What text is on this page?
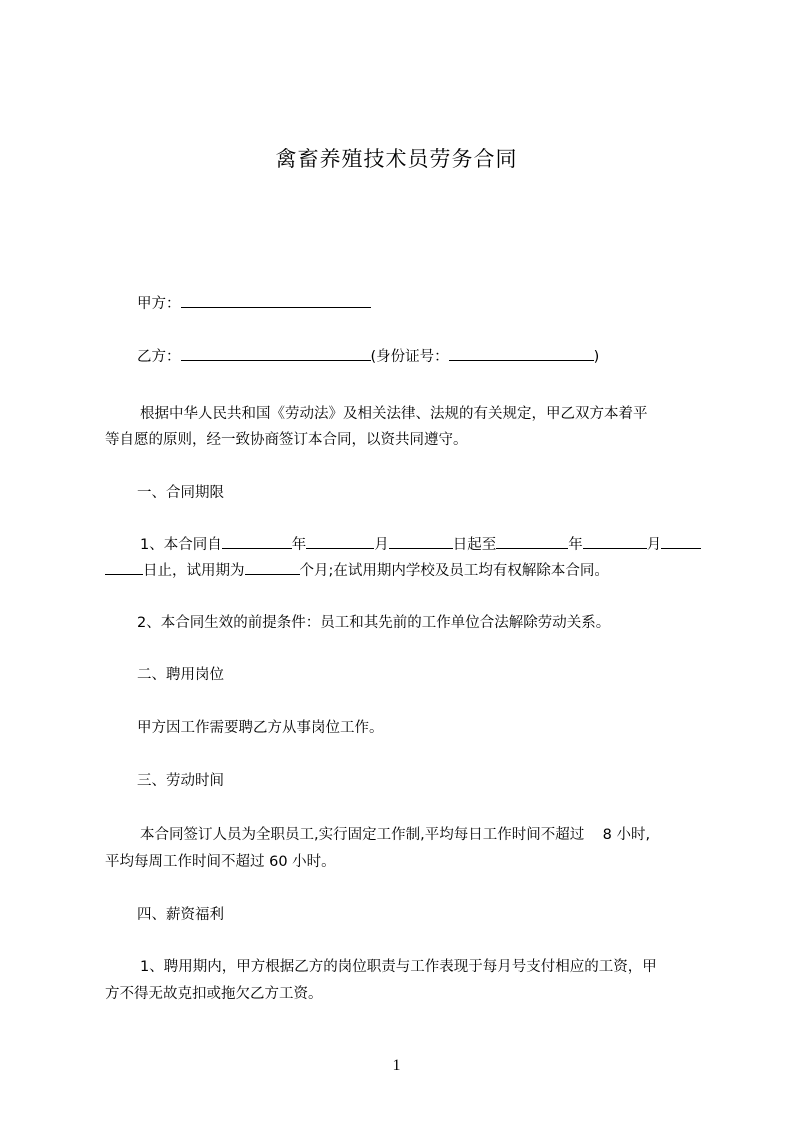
禽畜养殖技术员劳务合同
甲方：
乙方：	(身份证号：	)
根据中华人民共和国《劳动法》及相关法律、法规的有关规定，甲乙双方本着平
等自愿的原则，经一致协商签订本合同，以资共同遵守。
一、合同期限
1、本合同自	年	月	日起至	年	月
日止，试用期为	个月;在试用期内学校及员工均有权解除本合同。
2、本合同生效的前提条件：员工和其先前的工作单位合法解除劳动关系。
二、聘用岗位
甲方因工作需要聘乙方从事岗位工作。
三、劳动时间
本合同签订人员为全职员工,实行固定工作制,平均每日工作时间不超过    8 小时,
平均每周工作时间不超过 60 小时。
四、薪资福利
1、聘用期内，甲方根据乙方的岗位职责与工作表现于每月号支付相应的工资，甲
方不得无故克扣或拖欠乙方工资。
1
